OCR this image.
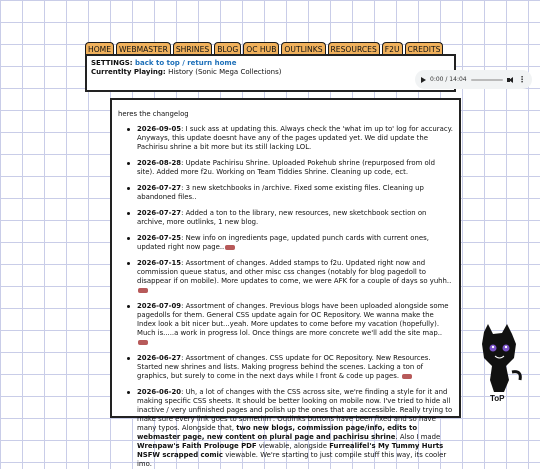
HOME	WEBMASTER	SHRINES	BLOG	OC HUB	OUTLINKS	RESOURCES	F2U	CREDITS
SETTINGS: back to top / return home
Currentlty Playing: History (Sonic Mega Collections)
0:00 / 14:04	⋮
heres the changelog
2026-09-05: I suck ass at updating this. Always check the 'what im up to' log for accuracy. Anyways, this update doesnt have any of the pages updated yet. We did update the Pachirisu shrine a bit more but its still lacking LOL.
2026-08-28: Update Pachirisu Shrine. Uploaded Pokehub shrine (repurposed from old site). Added more f2u. Working on Team Tiddies Shrine. Cleaning up code, ect.
2026-07-27: 3 new sketchbooks in /archive. Fixed some existing files. Cleaning up abandoned files..
2026-07-27: Added a ton to the library, new resources, new sketchbook section on archive, more outlinks, 1 new blog.
2026-07-25: New info on ingredients page, updated punch cards with current ones, updated right now page..
2026-07-15: Assortment of changes. Added stamps to f2u. Updated right now and commission queue status, and other misc css changes (notably for blog pagedoll to disappear if on mobile). More updates to come, we were AFK for a couple of days so yuhh..
2026-07-09: Assortment of changes. Previous blogs have been uploaded alongside some pagedolls for them. General CSS update again for OC Repository. We wanna make the Index look a bit nicer but...yeah. More updates to come before my vacation (hopefully). Much is.....a work in progress lol. Once things are more concrete we'll add the site map..
2026-06-27: Assortment of changes. CSS update for OC Repository. New Resources. Started new shrines and lists. Making progress behind the scenes. Lacking a ton of graphics, but surely to come in the next days while I front & code up pages.
2026-06-20: Uh, a lot of changes with the CSS across site, we're finding a style for it and making specific CSS sheets. It should be better looking on mobile now. I've tried to hide all inactive / very unfinished pages and polish up the ones that are accessible. Really trying to make sure every link goes to somethin'. Outlinks buttons have been fixed and so have many typos. Alongside that, two new blogs, commission page/info, edits to webmaster page, new content on plural page and pachirisu shrine. Also I made Wrenpaw's Faith Prolouge PDF viewable, alongside Furrealifel's My Tummy Hurts NSFW scrapped comic viewable. We're starting to just compile stuff this way, its cooler imo.
ToP
